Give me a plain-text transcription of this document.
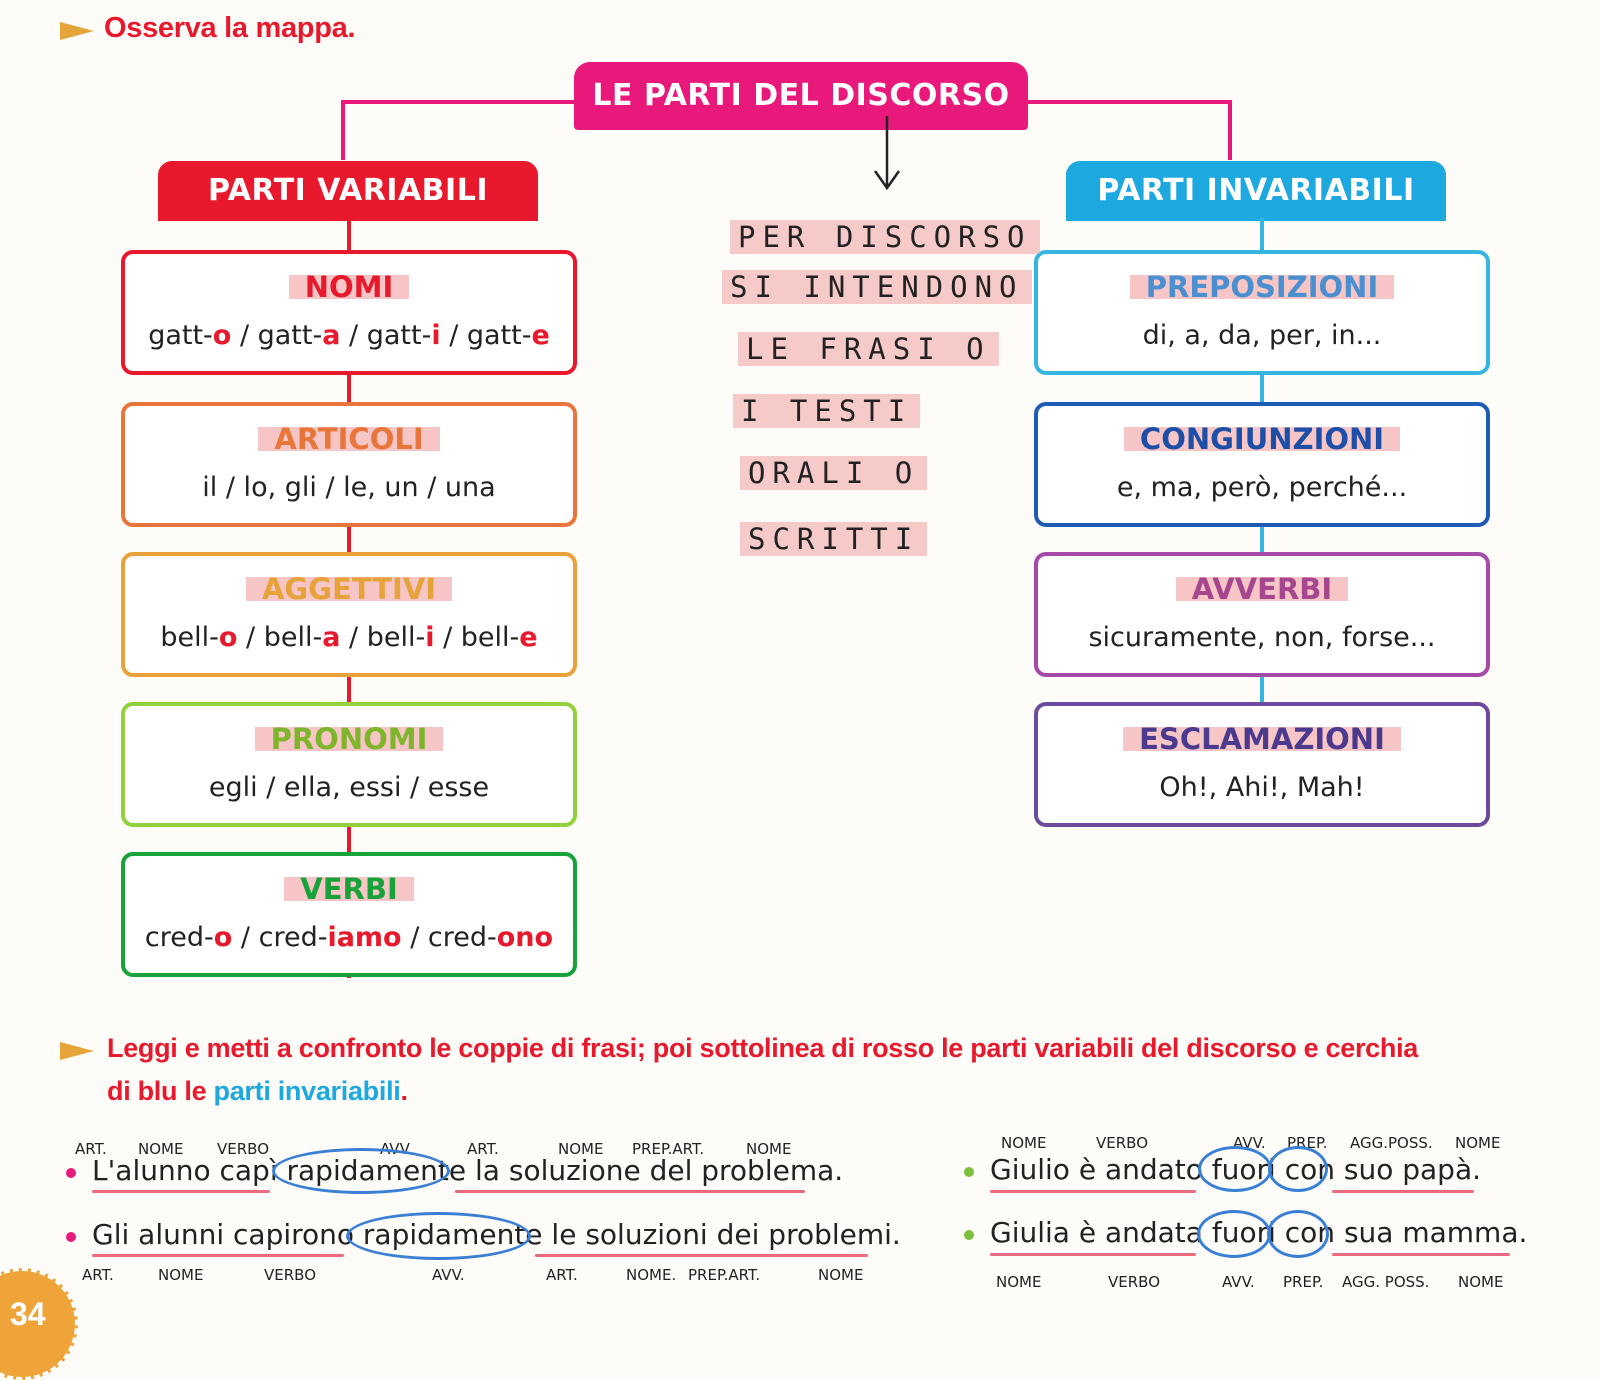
Osserva la mappa.
LE PARTI DEL DISCORSO
PARTI VARIABILI	PARTI INVARIABILI
NOMI
gatt-o / gatt-a / gatt-i / gatt-e
ARTICOLI
il / lo, gli / le, un / una
AGGETTIVI
bell-o / bell-a / bell-i / bell-e
PRONOMI
egli / ella, essi / esse
VERBI
cred-o / cred-iamo / cred-ono
PREPOSIZIONI
di, a, da, per, in...
CONGIUNZIONI
e, ma, però, perché...
AVVERBI
sicuramente, non, forse...
ESCLAMAZIONI
Oh!, Ahi!, Mah!
PER DISCORSO
SI INTENDONO
LE FRASI O
I TESTI
ORALI O
SCRITTI
Leggi e metti a confronto le coppie di frasi; poi sottolinea di rosso le parti variabili del discorso e cerchia
di blu le parti invariabili.
ART. NOME VERBO	AVV.	ART.	NOME PREP.ART.	NOME
L'alunno capì rapidamente la soluzione del problema.
Gli alunni capirono rapidamente le soluzioni dei problemi.
ART.	NOME	VERBO	AVV.	ART.	NOME. PREP.ART.	NOME
NOME	VERBO	AVV. PREP. AGG.POSS. NOME
Giulio è andato fuori con suo papà.
Giulia è andata fuori con sua mamma.
NOME	VERBO	AVV. PREP. AGG. POSS. NOME
34
